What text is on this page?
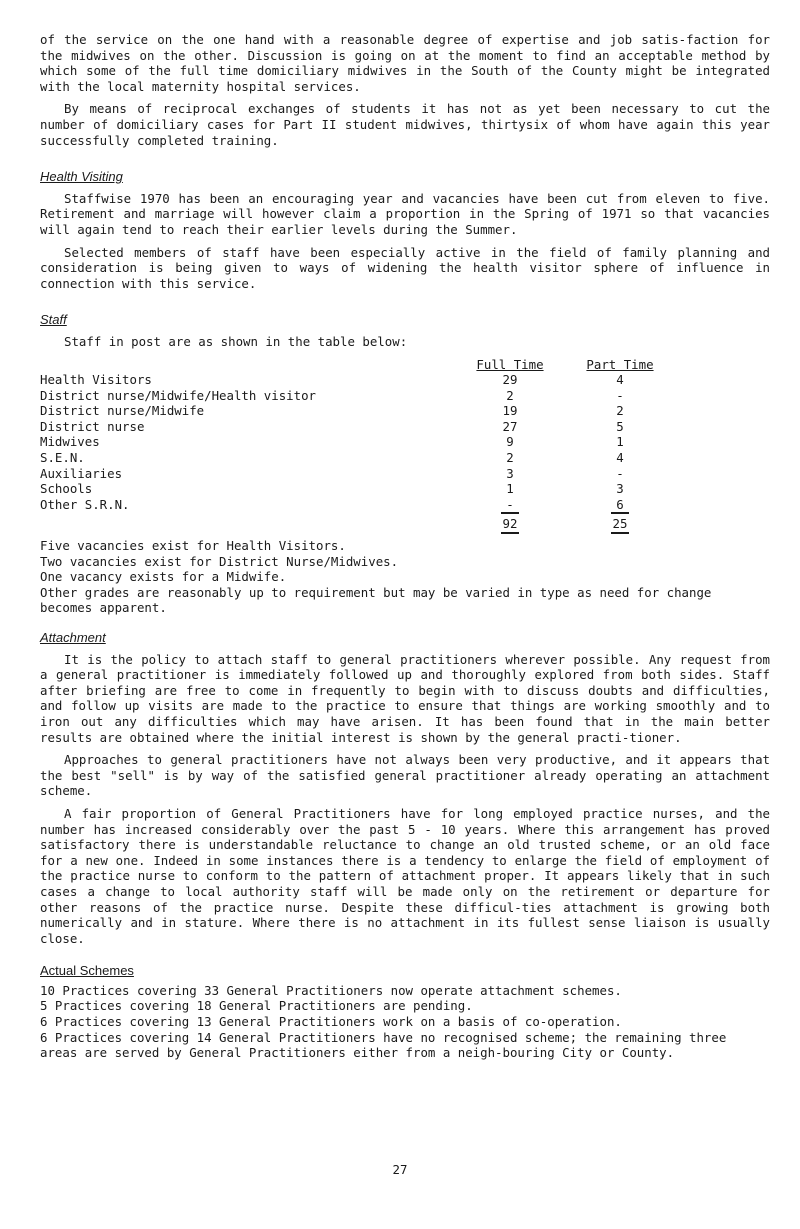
of the service on the one hand with a reasonable degree of expertise and job satis-faction for the midwives on the other. Discussion is going on at the moment to find an acceptable method by which some of the full time domiciliary midwives in the South of the County might be integrated with the local maternity hospital services.

By means of reciprocal exchanges of students it has not as yet been necessary to cut the number of domiciliary cases for Part II student midwives, thirtysix of whom have again this year successfully completed training.

Health Visiting

Staffwise 1970 has been an encouraging year and vacancies have been cut from eleven to five. Retirement and marriage will however claim a proportion in the Spring of 1971 so that vacancies will again tend to reach their earlier levels during the Summer.

Selected members of staff have been especially active in the field of family planning and consideration is being given to ways of widening the health visitor sphere of influence in connection with this service.

Staff

Staff in post are as shown in the table below:

	Full Time	Part Time
Health Visitors	29	4
District nurse/Midwife/Health visitor	2	-
District nurse/Midwife	19	2
District nurse	27	5
Midwives	9	1
S.E.N.	2	4
Auxiliaries	3	-
Schools	1	3
Other S.R.N.	-	6
	92	25

Five vacancies exist for Health Visitors.

Two vacancies exist for District Nurse/Midwives.

One vacancy exists for a Midwife.

Other grades are reasonably up to requirement but may be varied in type as need for change becomes apparent.

Attachment

It is the policy to attach staff to general practitioners wherever possible. Any request from a general practitioner is immediately followed up and thoroughly explored from both sides. Staff after briefing are free to come in frequently to begin with to discuss doubts and difficulties, and follow up visits are made to the practice to ensure that things are working smoothly and to iron out any difficulties which may have arisen. It has been found that in the main better results are obtained where the initial interest is shown by the general practi-tioner.

Approaches to general practitioners have not always been very productive, and it appears that the best "sell" is by way of the satisfied general practitioner already operating an attachment scheme.

A fair proportion of General Practitioners have for long employed practice nurses, and the number has increased considerably over the past 5 - 10 years. Where this arrangement has proved satisfactory there is understandable reluctance to change an old trusted scheme, or an old face for a new one. Indeed in some instances there is a tendency to enlarge the field of employment of the practice nurse to conform to the pattern of attachment proper. It appears likely that in such cases a change to local authority staff will be made only on the retirement or departure for other reasons of the practice nurse. Despite these difficul-ties attachment is growing both numerically and in stature. Where there is no attachment in its fullest sense liaison is usually close.

Actual Schemes

10 Practices covering 33 General Practitioners now operate attachment schemes.

5 Practices covering 18 General Practitioners are pending.

6 Practices covering 13 General Practitioners work on a basis of co-operation.

6 Practices covering 14 General Practitioners have no recognised scheme; the remaining three areas are served by General Practitioners either from a neigh-bouring City or County.

27
